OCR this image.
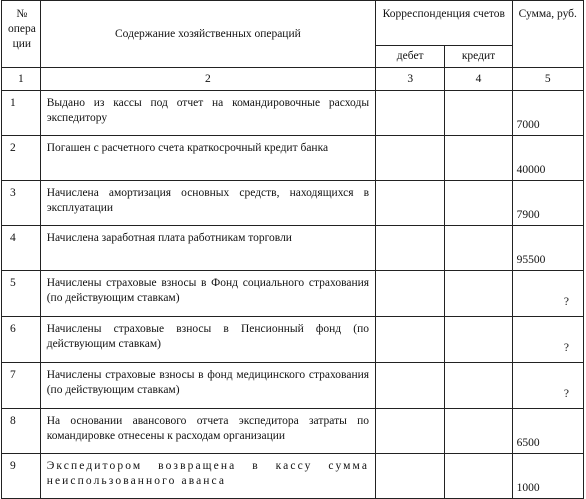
№ опера ции	Содержание хозяйственных операций	Корреспонденция счетов		Сумма, руб.
		дебет	кредит	
1	2	3	4	5
1	Выдано из кассы под отчет на командировочные расходы экспедитору			7000
2	Погашен с расчетного счета краткосрочный кредит банка			40000
3	Начислена амортизация основных средств, находящихся в эксплуатации			7900
4	Начислена заработная плата работникам торговли			95500
5	Начислены страховые взносы в Фонд социального страхования (по действующим ставкам)			?
6	Начислены страховые взносы в Пенсионный фонд (по действующим ставкам)			?
7	Начислены страховые взносы в фонд медицинского страхования (по действующим ставкам)			?
8	На основании авансового отчета экспедитора затраты по командировке отнесены к расходам организации			6500
9	Экспедитором возвращена в кассу сумма неиспользованного аванса			1000
